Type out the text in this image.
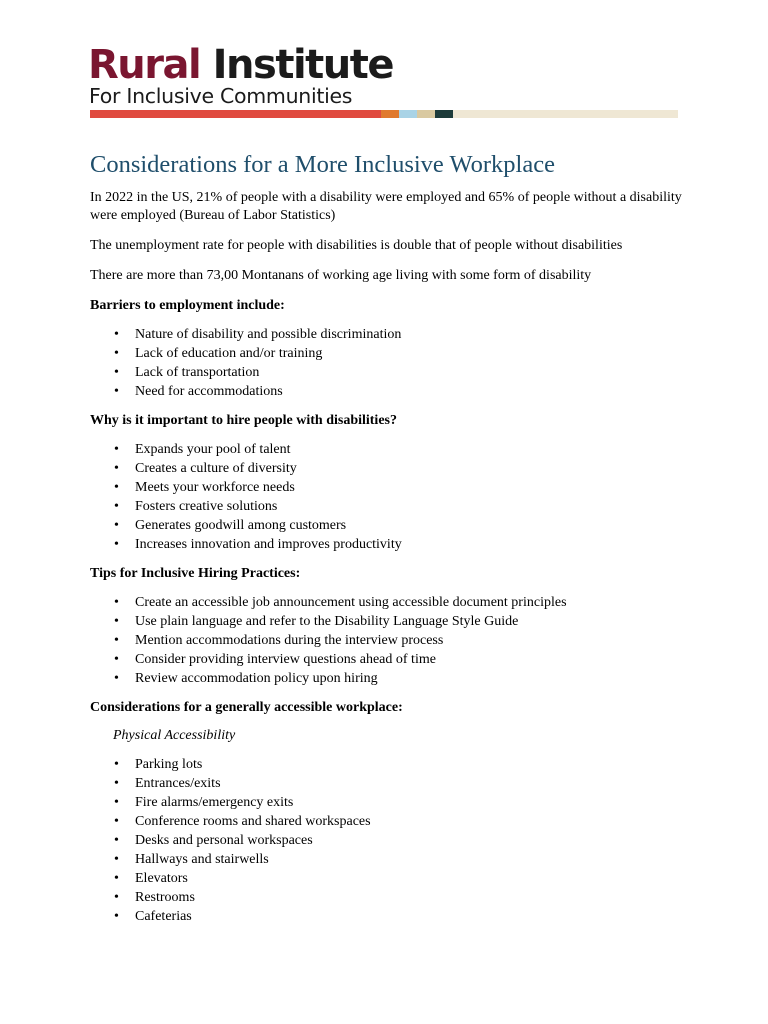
Rural Institute
For Inclusive Communities
Considerations for a More Inclusive Workplace

In 2022 in the US, 21% of people with a disability were employed and 65% of people without a disability were employed (Bureau of Labor Statistics)

The unemployment rate for people with disabilities is double that of people without disabilities

There are more than 73,00 Montanans of working age living with some form of disability

Barriers to employment include:

• Nature of disability and possible discrimination
• Lack of education and/or training
• Lack of transportation
• Need for accommodations

Why is it important to hire people with disabilities?

• Expands your pool of talent
• Creates a culture of diversity
• Meets your workforce needs
• Fosters creative solutions
• Generates goodwill among customers
• Increases innovation and improves productivity

Tips for Inclusive Hiring Practices:

• Create an accessible job announcement using accessible document principles
• Use plain language and refer to the Disability Language Style Guide
• Mention accommodations during the interview process
• Consider providing interview questions ahead of time
• Review accommodation policy upon hiring

Considerations for a generally accessible workplace:

Physical Accessibility

• Parking lots
• Entrances/exits
• Fire alarms/emergency exits
• Conference rooms and shared workspaces
• Desks and personal workspaces
• Hallways and stairwells
• Elevators
• Restrooms
• Cafeterias
